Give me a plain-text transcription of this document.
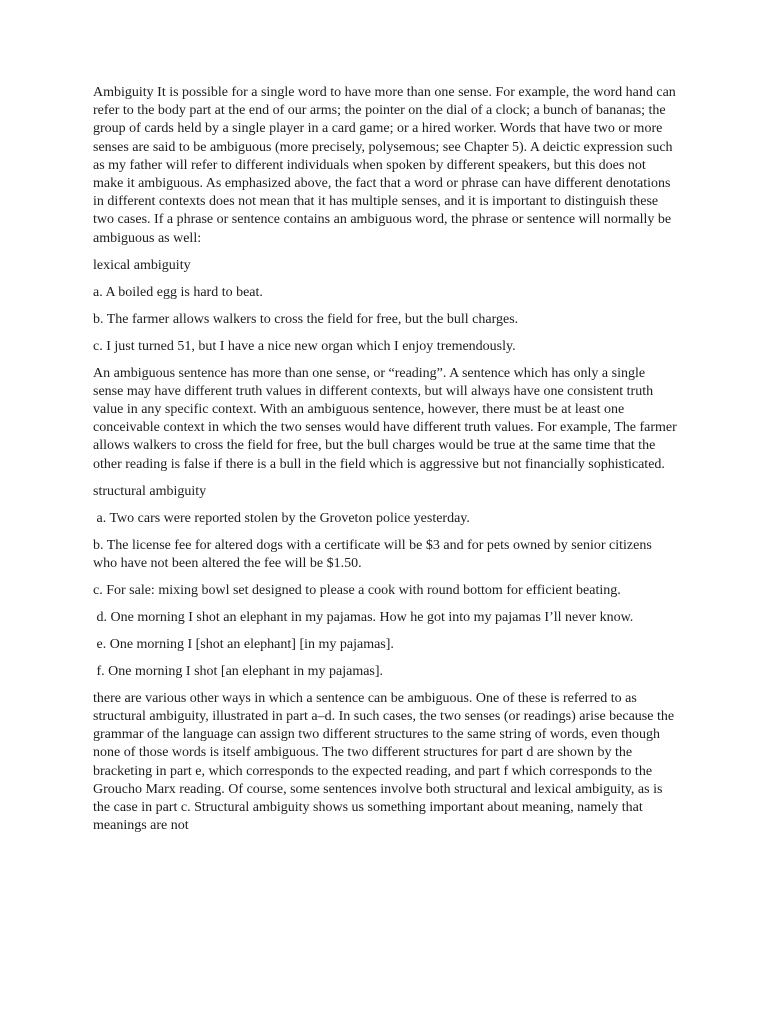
Ambiguity It is possible for a single word to have more than one sense. For example, the word hand can refer to the body part at the end of our arms; the pointer on the dial of a clock; a bunch of bananas; the group of cards held by a single player in a card game; or a hired worker. Words that have two or more senses are said to be ambiguous (more precisely, polysemous; see Chapter 5). A deictic expression such as my father will refer to different individuals when spoken by different speakers, but this does not make it ambiguous. As emphasized above, the fact that a word or phrase can have different denotations in different contexts does not mean that it has multiple senses, and it is important to distinguish these two cases. If a phrase or sentence contains an ambiguous word, the phrase or sentence will normally be ambiguous as well:

lexical ambiguity

a. A boiled egg is hard to beat.

b. The farmer allows walkers to cross the field for free, but the bull charges.

c. I just turned 51, but I have a nice new organ which I enjoy tremendously.

An ambiguous sentence has more than one sense, or “reading”. A sentence which has only a single sense may have different truth values in different contexts, but will always have one consistent truth value in any specific context. With an ambiguous sentence, however, there must be at least one conceivable context in which the two senses would have different truth values. For example, The farmer allows walkers to cross the field for free, but the bull charges would be true at the same time that the other reading is false if there is a bull in the field which is aggressive but not financially sophisticated.

structural ambiguity

a. Two cars were reported stolen by the Groveton police yesterday.

b. The license fee for altered dogs with a certificate will be $3 and for pets owned by senior citizens who have not been altered the fee will be $1.50.

c. For sale: mixing bowl set designed to please a cook with round bottom for efficient beating.

d. One morning I shot an elephant in my pajamas. How he got into my pajamas I’ll never know.

e. One morning I [shot an elephant] [in my pajamas].

f. One morning I shot [an elephant in my pajamas].

there are various other ways in which a sentence can be ambiguous. One of these is referred to as structural ambiguity, illustrated in part a–d. In such cases, the two senses (or readings) arise because the grammar of the language can assign two different structures to the same string of words, even though none of those words is itself ambiguous. The two different structures for part d are shown by the bracketing in part e, which corresponds to the expected reading, and part f which corresponds to the Groucho Marx reading. Of course, some sentences involve both structural and lexical ambiguity, as is the case in part c. Structural ambiguity shows us something important about meaning, namely that meanings are not
